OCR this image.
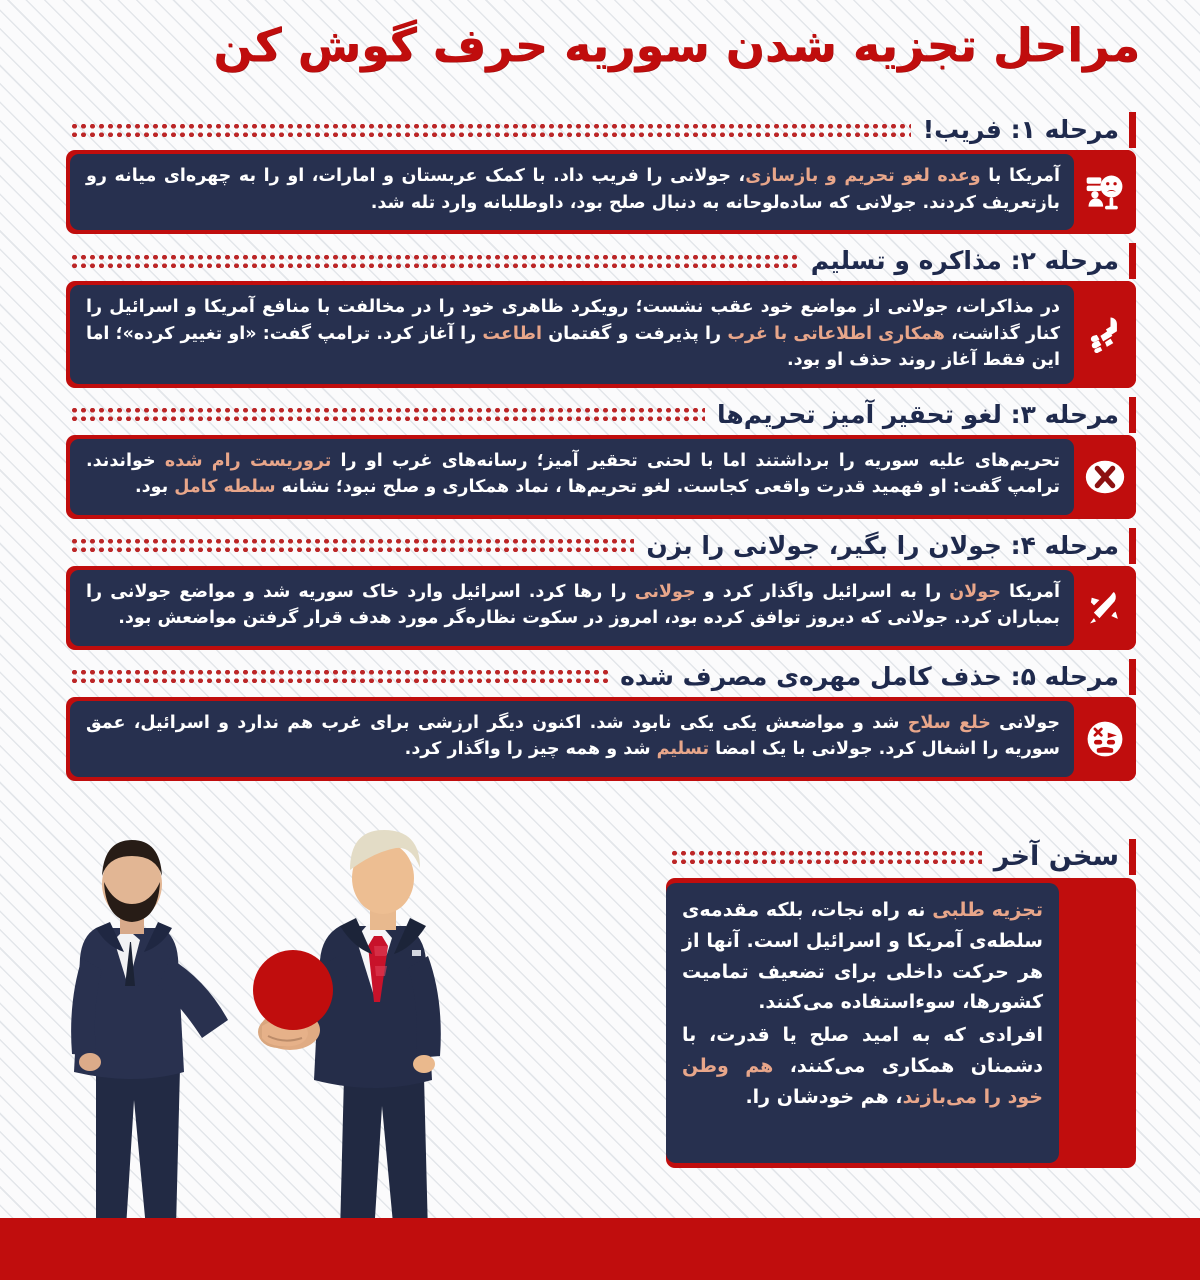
مراحل تجزیه شدن سوریه حرف گوش کن
مرحله ۱: فریب!
آمریکا با وعده لغو تحریم و بازسازی، جولانی را فریب داد. با کمک عربستان و امارات، او را به چهره‌ای میانه رو بازتعریف کردند. جولانی که ساده‌لوحانه به دنبال صلح بود، داوطلبانه وارد تله شد.
مرحله ۲: مذاکره و تسلیم
در مذاکرات، جولانی از مواضع خود عقب نشست؛ رویکرد ظاهری خود را در مخالفت با منافع آمریکا و اسرائیل را کنار گذاشت، همکاری اطلاعاتی با غرب را پذیرفت و گفتمان اطاعت را آغاز کرد. ترامپ گفت: «او تغییر کرده»؛ اما این فقط آغاز روند حذف او بود.
مرحله ۳: لغو تحقیر آمیز تحریم‌ها
تحریم‌های علیه سوریه را برداشتند اما با لحنی تحقیر آمیز؛ رسانه‌های غرب او را تروریست رام شده خواندند. ترامپ گفت: او فهمید قدرت واقعی کجاست. لغو تحریم‌ها ، نماد همکاری و صلح نبود؛ نشانه سلطه کامل بود.
مرحله ۴: جولان را بگیر، جولانی را بزن
آمریکا جولان را به اسرائیل واگذار کرد و جولانی را رها کرد. اسرائیل وارد خاک سوریه شد و مواضع جولانی را بمباران کرد. جولانی که دیروز توافق کرده بود، امروز در سکوت نظاره‌گر مورد هدف قرار گرفتن مواضعش بود.
مرحله ۵: حذف کامل مهره‌ی مصرف شده
جولانی خلع سلاح شد و مواضعش یکی یکی نابود شد. اکنون دیگر ارزشی برای غرب هم ندارد و اسرائیل، عمق سوریه را اشغال کرد. جولانی با یک امضا تسلیم شد و همه چیز را واگذار کرد.
سخن آخر

تجزیه طلبی نه راه نجات، بلکه مقدمه‌ی سلطه‌ی آمریکا و اسرائیل است. آنها از هر حرکت داخلی برای تضعیف تمامیت کشورها، سوءاستفاده می‌کنند.

افرادی که به امید صلح یا قدرت، با دشمنان همکاری می‌کنند، هم وطن خود را می‌بازند، هم خودشان را.
